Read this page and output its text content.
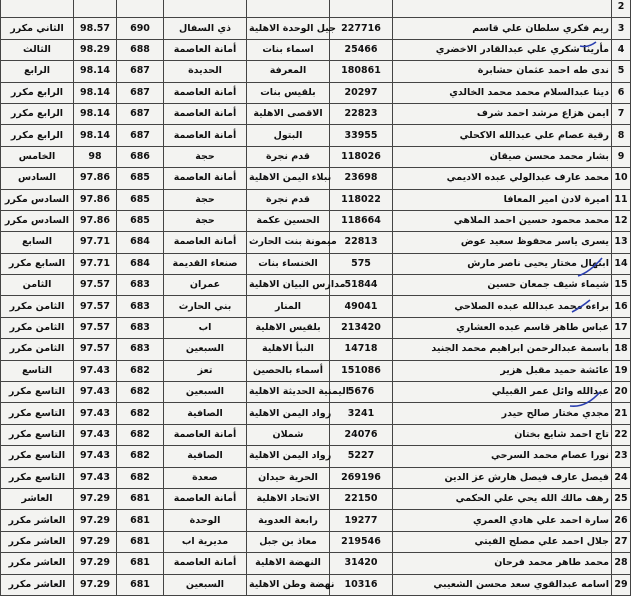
							2
الثاني مكرر	98.57	690	ذي السفال	جيل الوحدة الاهلية	227716	ريم فكري سلطان علي قاسم	3
الثالث	98.29	688	أمانة العاصمة	اسماء بنات	25466	مأرينا شكري علي عبدالقادر الاخضري	4
الرابع	98.14	687	الحديدة	المعرفة	180861	ندى طه احمد عثمان حشابرة	5
الرابع مكرر	98.14	687	أمانة العاصمة	بلقيس بنات	20297	دينا عبدالسلام محمد محمد الخالدي	6
الرابع مكرر	98.14	687	أمانة العاصمة	الاقصى الاهلية	22823	ايمن هزاع مرشد احمد شرف	7
الرابع مكرر	98.14	687	أمانة العاصمة	البتول	33955	رقية عصام علي عبدالله الاكحلي	8
الخامس	98	686	حجة	قدم نجرة	118026	بشار محمد محسن صيقان	9
السادس	97.86	685	أمانة العاصمة	نبلاء اليمن الاهلية	23698	محمد عارف عبدالولي عبده الاديمي	10
السادس مكرر	97.86	685	حجة	قدم نجرة	118022	اميرة لادن امير المعافا	11
السادس مكرر	97.86	685	حجة	الحسين عكمة	118664	محمد محمود حسين احمد الملاهي	12
السابع	97.71	684	أمانة العاصمة	ميمونة بنت الحارث	22813	يسرى ياسر محفوظ سعيد عوض	13
السابع مكرر	97.71	684	صنعاء القديمة	الخنساء بنات	575	ابتهال مختار يحيى ناصر مارش	14
الثامن	97.57	683	عمران	مدارس البيان الاهلية	51844	شيماء شيف جمعان حسين	15
الثامن مكرر	97.57	683	بني الحارث	المنار	49041	براءه محمد عبدالله عبده الصلاحي	16
الثامن مكرر	97.57	683	اب	بلقيس الاهلية	213420	عباس طاهر قاسم عبده العشاري	17
الثامن مكرر	97.57	683	السبعين	النبأ الاهلية	14718	باسمة عبدالرحمن ابراهيم محمد الجنيد	18
التاسع	97.43	682	تعز	أسماء بالحصين	151086	عائشة حميد مقبل هزير	19
التاسع مكرر	97.43	682	السبعين	اليمنية الحديثة الاهلية	5676	عبدالله وائل عمر القبيلي	20
التاسع مكرر	97.43	682	الصافية	رواد اليمن الاهلية	3241	مجدي مختار صالح حيدر	21
التاسع مكرر	97.43	682	أمانة العاصمة	شملان	24076	تاج احمد شايع بختان	22
التاسع مكرر	97.43	682	الصافية	رواد اليمن الاهلية	5227	نورا عصام محمد السرحي	23
التاسع مكرر	97.43	682	صعدة	الحرية حيدان	269196	فيصل عارف فيصل هارش عز الدين	24
العاشر	97.29	681	أمانة العاصمة	الاتحاد الاهلية	22150	رهف مالك الله يحي علي الحكمي	25
العاشر مكرر	97.29	681	الوحدة	رابعة العدوية	19277	سارة احمد علي هادي العمري	26
العاشر مكرر	97.29	681	مديرية اب	معاذ بن جبل	219546	جلال احمد علي مصلح الفيتي	27
العاشر مكرر	97.29	681	أمانة العاصمة	النهضة الاهلية	31420	محمد طاهر محمد فرحان	28
العاشر مكرر	97.29	681	السبعين	نهضة وطن الاهلية	10316	اسامه عبدالقوي سعد محسن الشعيبي	29
